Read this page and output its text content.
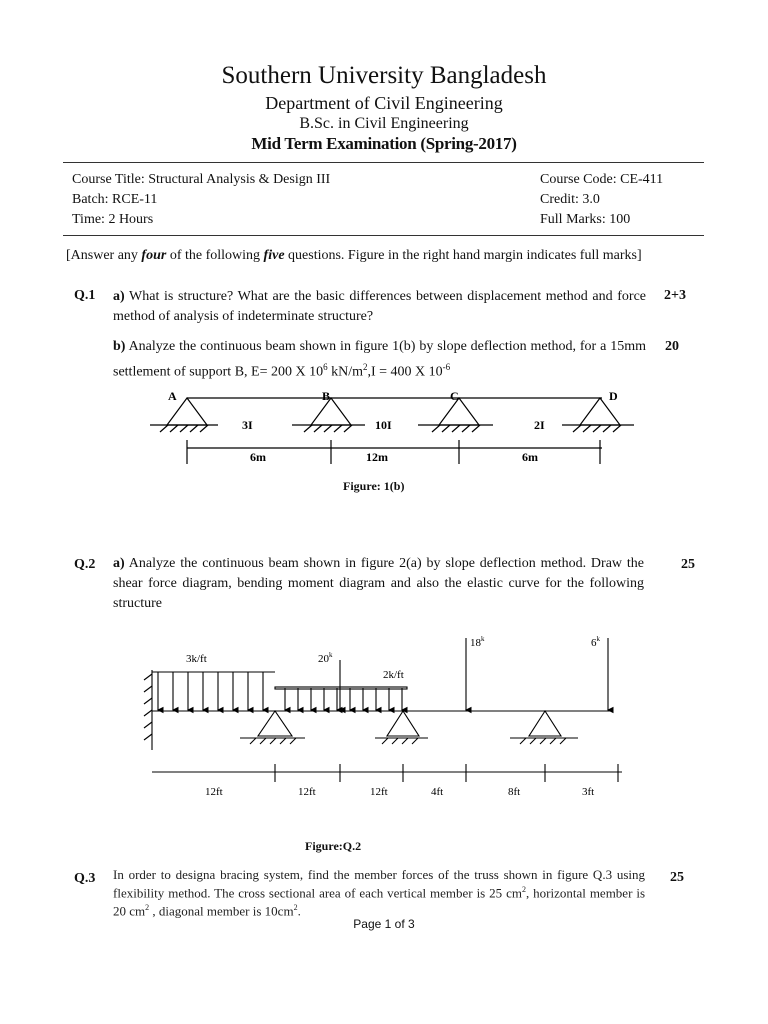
Southern University Bangladesh
Department of Civil Engineering
B.Sc. in Civil Engineering
Mid Term Examination (Spring-2017)
Course Title: Structural Analysis & Design III	Course Code: CE-411
Batch: RCE-11	Credit: 3.0
Time: 2 Hours	Full Marks: 100
[Answer any four of the following five questions. Figure in the right hand margin indicates full marks]
Q.1 a) What is structure? What are the basic differences between displacement method and force method of analysis of indeterminate structure?
2+3
b) Analyze the continuous beam shown in figure 1(b) by slope deflection method, for a 15mm settlement of support B, E= 200 X $10^6$ $kN/m^2,I = 400$ X $10^{-6}$
20
A	B	C	D
3I	10I	2I
6m	12m	6m
Figure: 1(b)
Q.2 a) Analyze the continuous beam shown in figure 2(a) by slope deflection method. Draw the shear force diagram, bending moment diagram and also the elastic curve for the following structure
25
3k/ft	20$^k$
2k/ft
18$^k$	6$^k$
12ft	12ft	12ft	4ft	8ft	3ft
Figure:Q.2
Q.3 In order to designa bracing system, find the member forces of the truss shown in figure Q.3 using flexibility method. The cross sectional area of each vertical member is 25 $cm^2$, horizontal member is 20 $cm^2$ , diagonal member is $10cm^2$.
25
Page 1 of 3
